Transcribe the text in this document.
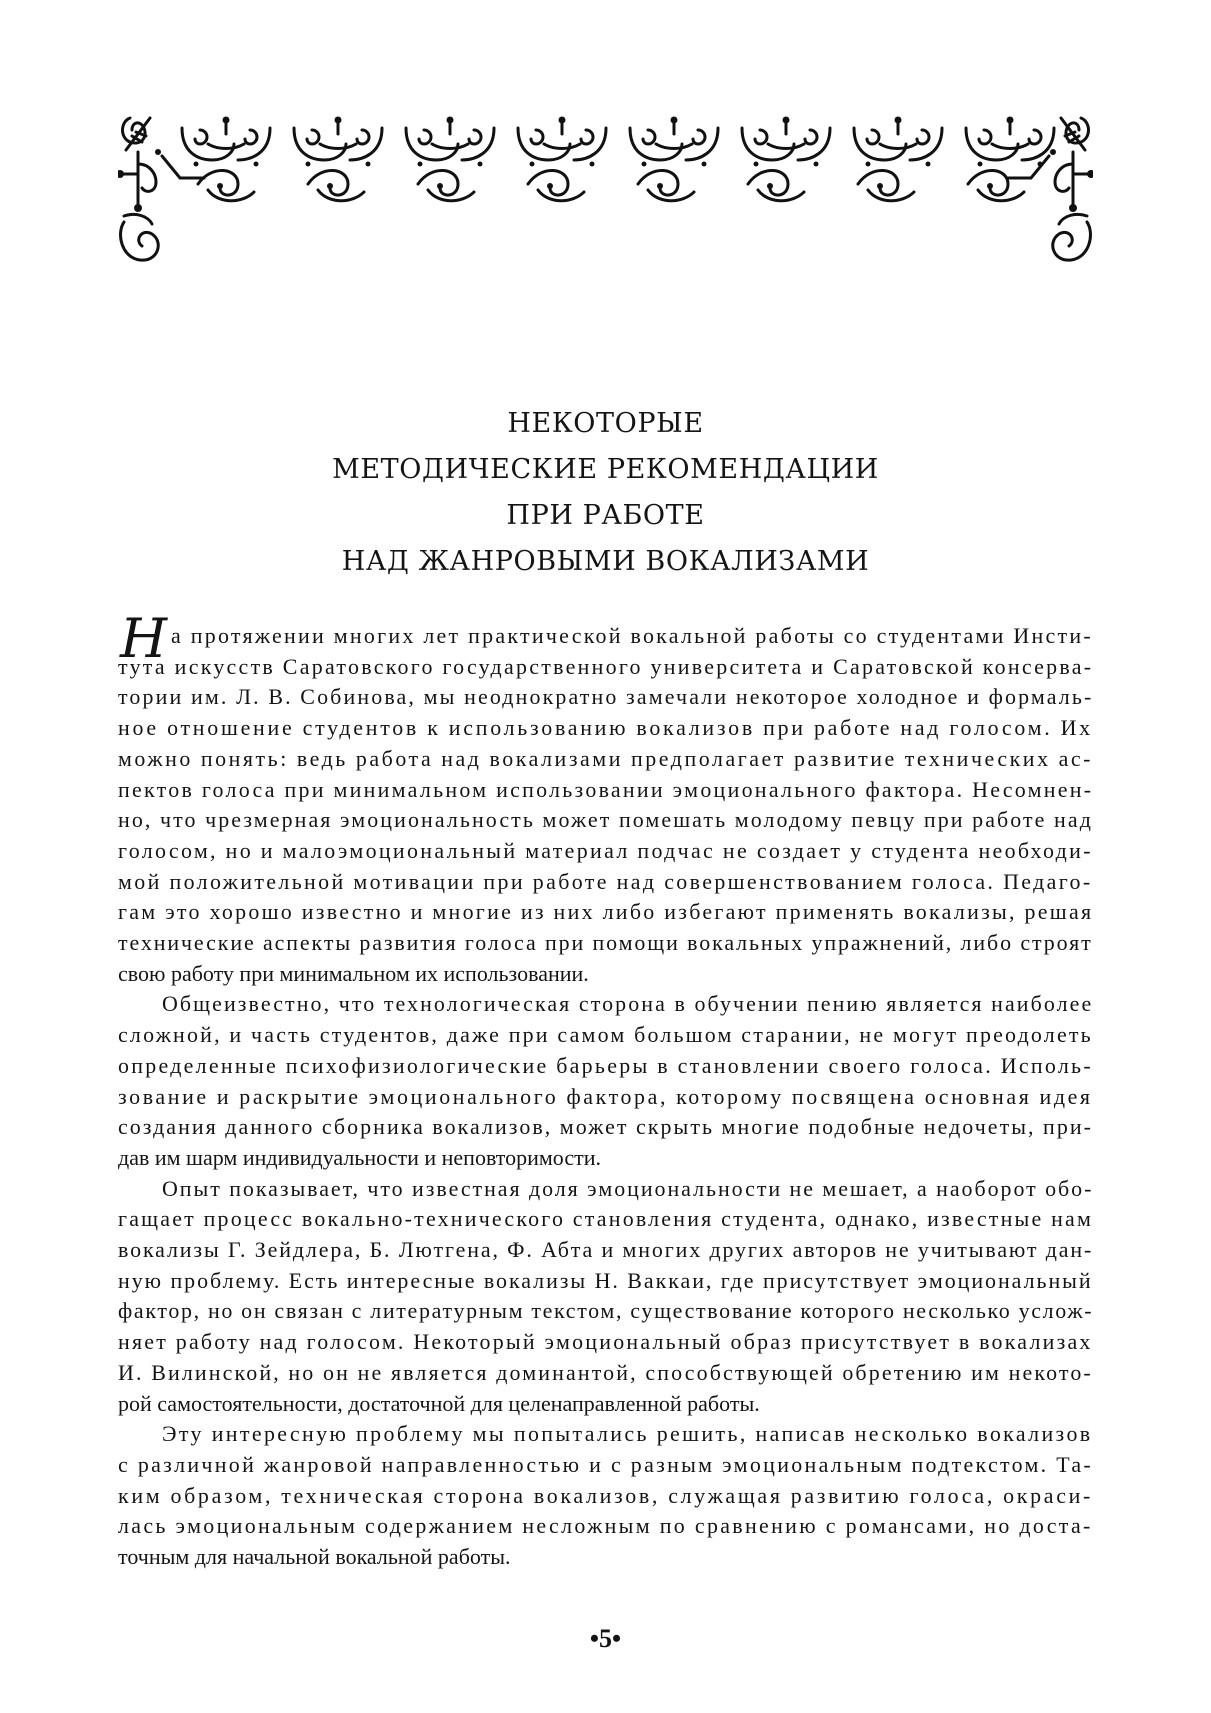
НЕКОТОРЫЕ
МЕТОДИЧЕСКИЕ РЕКОМЕНДАЦИИ
ПРИ РАБОТЕ
НАД ЖАНРОВЫМИ ВОКАЛИЗАМИ
Н а протяжении многих лет практической вокальной работы со студентами Инсти-

тута искусств Саратовского государственного университета и Саратовской консерва-

тории им. Л. В. Собинова, мы неоднократно замечали некоторое холодное и формаль-

ное отношение студентов к использованию вокализов при работе над голосом. Их

можно понять: ведь работа над вокализами предполагает развитие технических ас-

пектов голоса при минимальном использовании эмоционального фактора. Несомнен-

но, что чрезмерная эмоциональность может помешать молодому певцу при работе над

голосом, но и малоэмоциональный материал подчас не создает у студента необходи-

мой положительной мотивации при работе над совершенствованием голоса. Педаго-

гам это хорошо известно и многие из них либо избегают применять вокализы, решая

технические аспекты развития голоса при помощи вокальных упражнений, либо строят

свою работу при минимальном их использовании.

Общеизвестно, что технологическая сторона в обучении пению является наиболее

сложной, и часть студентов, даже при самом большом старании, не могут преодолеть

определенные психофизиологические барьеры в становлении своего голоса. Исполь-

зование и раскрытие эмоционального фактора, которому посвящена основная идея

создания данного сборника вокализов, может скрыть многие подобные недочеты, при-

дав им шарм индивидуальности и неповторимости.

Опыт показывает, что известная доля эмоциональности не мешает, а наоборот обо-

гащает процесс вокально-технического становления студента, однако, известные нам

вокализы Г. Зейдлера, Б. Лютгена, Ф. Абта и многих других авторов не учитывают дан-

ную проблему. Есть интересные вокализы Н. Ваккаи, где присутствует эмоциональный

фактор, но он связан с литературным текстом, существование которого несколько услож-

няет работу над голосом. Некоторый эмоциональный образ присутствует в вокализах

И. Вилинской, но он не является доминантой, способствующей обретению им некото-

рой самостоятельности, достаточной для целенаправленной работы.

Эту интересную проблему мы попытались решить, написав несколько вокализов

с различной жанровой направленностью и с разным эмоциональным подтекстом. Та-

ким образом, техническая сторона вокализов, служащая развитию голоса, окраси-

лась эмоциональным содержанием несложным по сравнению с романсами, но доста-

точным для начальной вокальной работы.

•5•
